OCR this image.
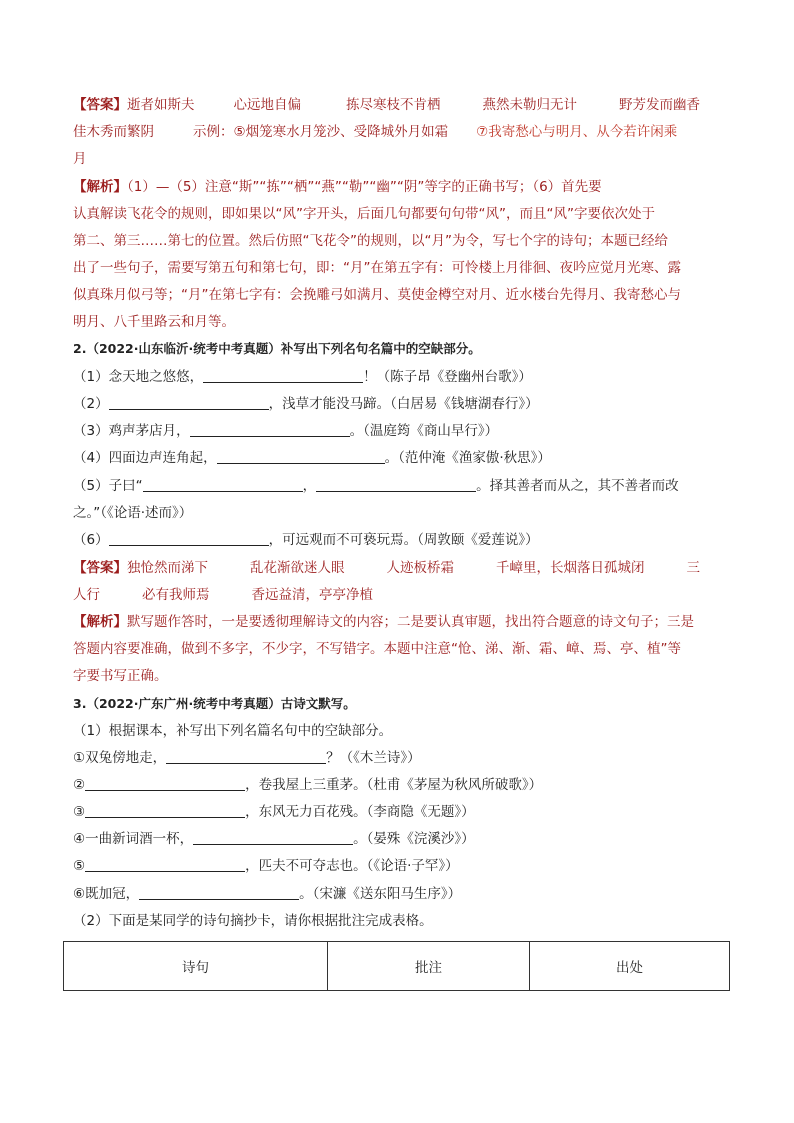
【答案】逝者如斯夫	心远地自偏	拣尽寒枝不肯栖	燕然未勒归无计	野芳发而幽香
佳木秀而繁阴	示例：⑤烟笼寒水月笼沙、受降城外月如霜 ⑦我寄愁心与明月、从今若许闲乘
月
【解析】（1）—（5）注意“斯”“拣”“栖”“燕”“勒”“幽”“阴”等字的正确书写；（6）首先要
认真解读飞花令的规则，即如果以“风”字开头，后面几句都要句句带“风”，而且“风”字要依次处于
第二、第三……第七的位置。然后仿照“飞花令”的规则，以“月”为令，写七个字的诗句；本题已经给
出了一些句子，需要写第五句和第七句，即：“月”在第五字有：可怜楼上月徘徊、夜吟应觉月光寒、露
似真珠月似弓等；“月”在第七字有：会挽雕弓如满月、莫使金樽空对月、近水楼台先得月、我寄愁心与
明月、八千里路云和月等。
2.（2022·山东临沂·统考中考真题）补写出下列名句名篇中的空缺部分。
（1）念天地之悠悠，	！（陈子昂《登幽州台歌》）
（2）	，浅草才能没马蹄。（白居易《钱塘湖春行》）
（3）鸡声茅店月，	。（温庭筠《商山早行》）
（4）四面边声连角起，	。（范仲淹《渔家傲·秋思》）
（5）子曰“	，	。择其善者而从之，其不善者而改
之。”（《论语·述而》）
（6）	，可远观而不可亵玩焉。（周敦颐《爱莲说》）
【答案】独怆然而涕下	乱花渐欲迷人眼	人迹板桥霜	千嶂里，长烟落日孤城闭	三
人行	必有我师焉	香远益清，亭亭净植
【解析】默写题作答时，一是要透彻理解诗文的内容；二是要认真审题，找出符合题意的诗文句子；三是
答题内容要准确，做到不多字，不少字，不写错字。本题中注意“怆、涕、渐、霜、嶂、焉、亭、植”等
字要书写正确。
3.（2022·广东广州·统考中考真题）古诗文默写。
（1）根据课本，补写出下列名篇名句中的空缺部分。
①双兔傍地走，	？（《木兰诗》）
②	，卷我屋上三重茅。（杜甫《茅屋为秋风所破歌》）
③	，东风无力百花残。（李商隐《无题》）
④一曲新词酒一杯，	。（晏殊《浣溪沙》）
⑤	，匹夫不可夺志也。（《论语·子罕》）
⑥既加冠，	。（宋濂《送东阳马生序》）
（2）下面是某同学的诗句摘抄卡，请你根据批注完成表格。
诗句	批注	出处
